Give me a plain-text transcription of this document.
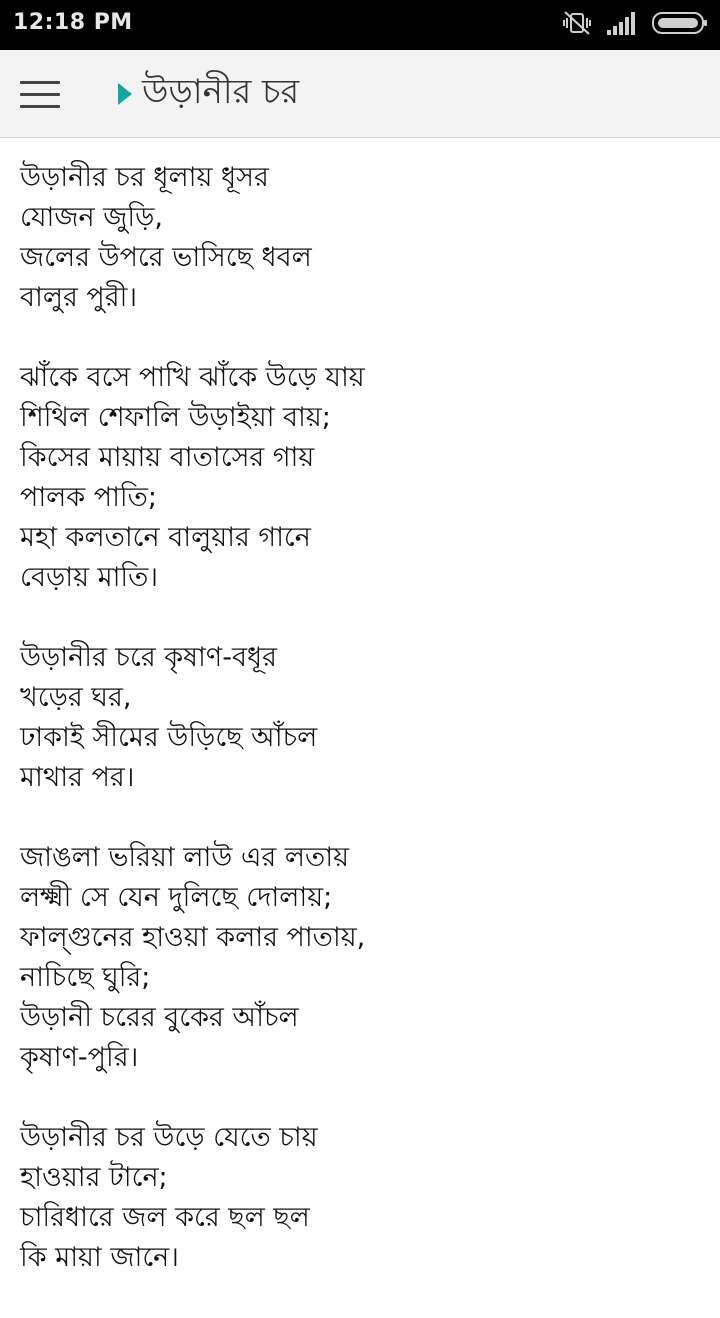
12:18 PM
উড়ানীর চর
উড়ানীর চর ধূলায় ধূসর
যোজন জুড়ি,
জলের উপরে ভাসিছে ধবল
বালুর পুরী।
ঝাঁকে বসে পাখি ঝাঁকে উড়ে যায়
শিথিল শেফালি উড়াইয়া বায়;
কিসের মায়ায় বাতাসের গায়
পালক পাতি;
মহা কলতানে বালুয়ার গানে
বেড়ায় মাতি।
উড়ানীর চরে কৃষাণ-বধূর
খড়ের ঘর,
ঢাকাই সীমের উড়িছে আঁচল
মাথার পর।
জাঙলা ভরিয়া লাউ এর লতায়
লক্ষ্মী সে যেন দুলিছে দোলায়;
ফাল্গুনের হাওয়া কলার পাতায়,
নাচিছে ঘুরি;
উড়ানী চরের বুকের আঁচল
কৃষাণ-পুরি।
উড়ানীর চর উড়ে যেতে চায়
হাওয়ার টানে;
চারিধারে জল করে ছল ছল
কি মায়া জানে।
